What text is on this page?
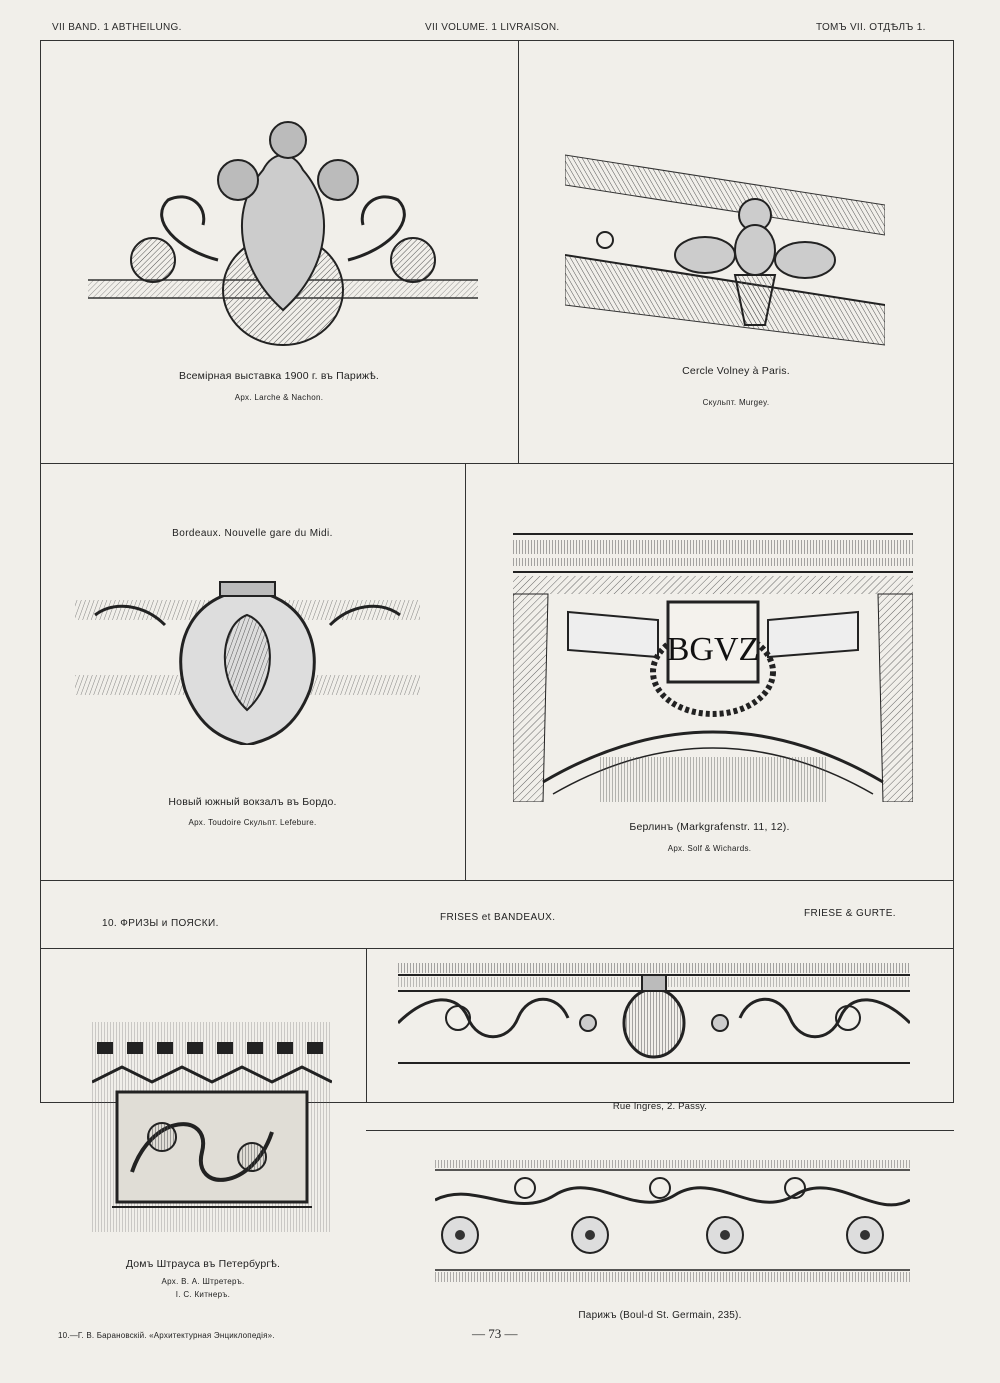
VII BAND. 1 ABTHEILUNG.	VII VOLUME. 1 LIVRAISON.	ТОМЪ VII. ОТДѢЛЪ 1.
Всемірная выставка 1900 г. въ Парижѣ.
Арх. Larche & Nachon.
Cercle Volney à Paris.
Скульпт. Murgey.
Bordeaux. Nouvelle gare du Midi.
Новый южный вокзалъ въ Бордо.
Арх. Toudoire Скульпт. Lefebure.
BGVZ
Берлинъ (Markgrafenstr. 11, 12).
Арх. Solf & Wichards.
10. ФРИЗЫ и ПОЯСКИ.
FRISES et BANDEAUX.	FRIESE & GURTE.
Домъ Штрауса въ Петербургѣ.
Арх. В. А. Штретеръ.
І. С. Китнеръ.
Rue Ingres, 2. Passy.
Парижъ (Boul-d St. Germain, 235).
10.—Г. В. Барановскій. «Архитектурная Энциклопедія».	— 73 —
